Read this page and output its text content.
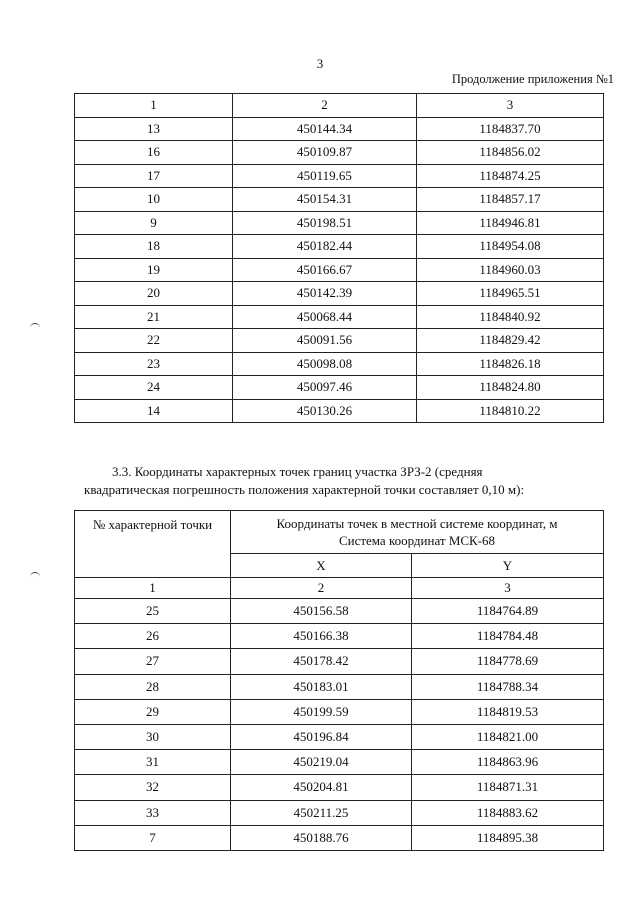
3
Продолжение приложения №1
1	2	3
13	450144.34	1184837.70
16	450109.87	1184856.02
17	450119.65	1184874.25
10	450154.31	1184857.17
9	450198.51	1184946.81
18	450182.44	1184954.08
19	450166.67	1184960.03
20	450142.39	1184965.51
21	450068.44	1184840.92
22	450091.56	1184829.42
23	450098.08	1184826.18
24	450097.46	1184824.80
14	450130.26	1184810.22
3.3. Координаты характерных точек границ участка ЗРЗ-2 (средняя
квадратическая погрешность положения характерной точки составляет 0,10 м):
№ характерной точки	Координаты точек в местной системе координат, м
Система координат МСК-68	

	X	Y
1	2	3
25	450156.58	1184764.89
26	450166.38	1184784.48
27	450178.42	1184778.69
28	450183.01	1184788.34
29	450199.59	1184819.53
30	450196.84	1184821.00
31	450219.04	1184863.96
32	450204.81	1184871.31
33	450211.25	1184883.62
7	450188.76	1184895.38
